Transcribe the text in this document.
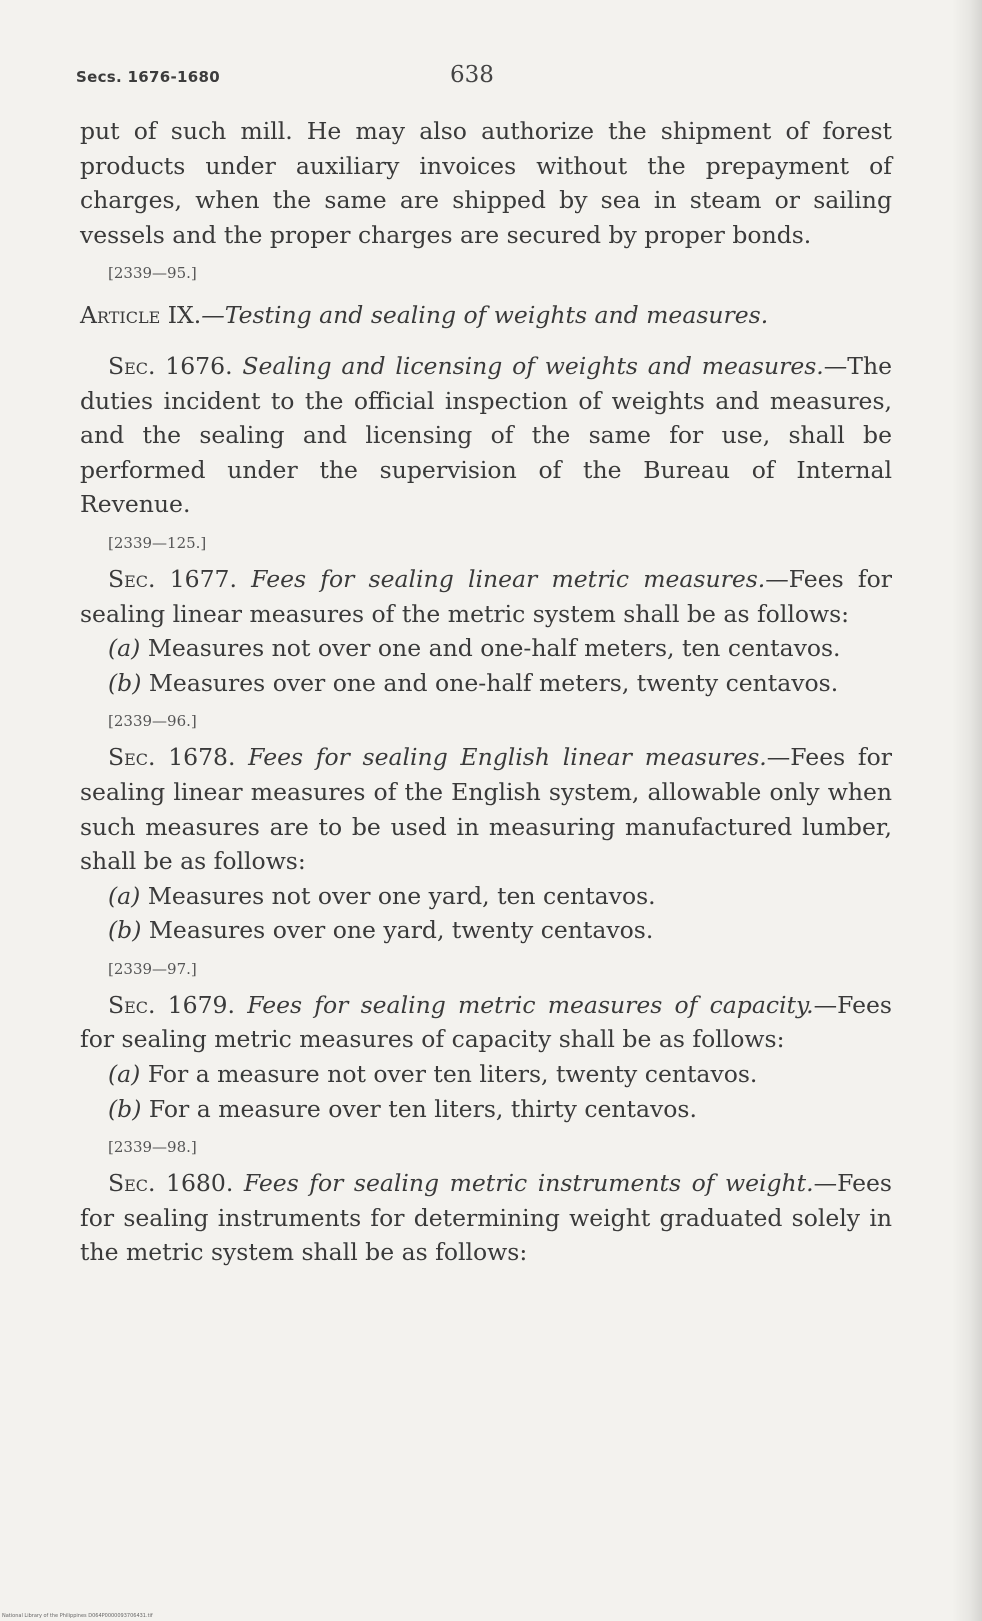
Secs. 1676-1680	638

put of such mill. He may also authorize the shipment of forest products under auxiliary invoices without the prepayment of charges, when the same are shipped by sea in steam or sailing vessels and the proper charges are secured by proper bonds.

[2339—95.]

Article IX.—Testing and sealing of weights and measures.

Sec. 1676. Sealing and licensing of weights and measures.—The duties incident to the official inspection of weights and measures, and the sealing and licensing of the same for use, shall be performed under the supervision of the Bureau of Internal Revenue.

[2339—125.]

Sec. 1677. Fees for sealing linear metric measures.—Fees for sealing linear measures of the metric system shall be as follows:

(a) Measures not over one and one-half meters, ten centavos.

(b) Measures over one and one-half meters, twenty centavos.

[2339—96.]

Sec. 1678. Fees for sealing English linear measures.—Fees for sealing linear measures of the English system, allowable only when such measures are to be used in measuring manufactured lumber, shall be as follows:

(a) Measures not over one yard, ten centavos.

(b) Measures over one yard, twenty centavos.

[2339—97.]

Sec. 1679. Fees for sealing metric measures of capacity.—Fees for sealing metric measures of capacity shall be as follows:

(a) For a measure not over ten liters, twenty centavos.

(b) For a measure over ten liters, thirty centavos.

[2339—98.]

Sec. 1680. Fees for sealing metric instruments of weight.—Fees for sealing instruments for determining weight graduated solely in the metric system shall be as follows:

National Library of the Philippines D064P0000093706431.tif
